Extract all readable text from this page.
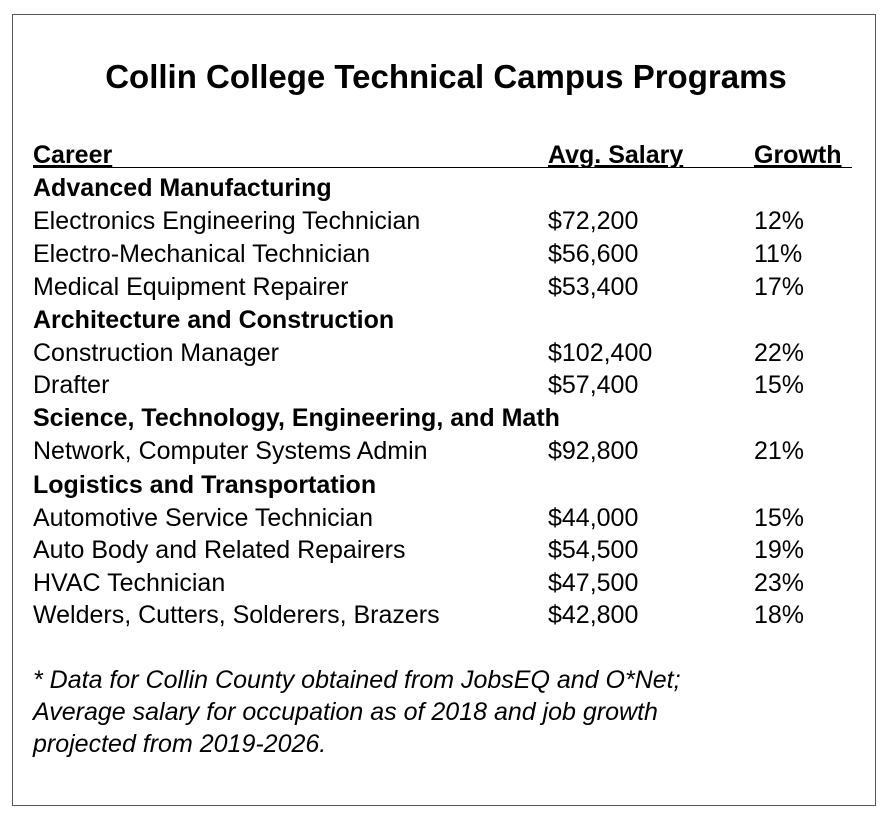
Collin College Technical Campus Programs
Career	Avg. Salary	Growth
Advanced Manufacturing
Electronics Engineering Technician	$72,200	12%
Electro-Mechanical Technician	$56,600	11%
Medical Equipment Repairer	$53,400	17%
Architecture and Construction
Construction Manager	$102,400	22%
Drafter	$57,400	15%
Science, Technology, Engineering, and Math
Network, Computer Systems Admin	$92,800	21%
Logistics and Transportation
Automotive Service Technician	$44,000	15%
Auto Body and Related Repairers	$54,500	19%
HVAC Technician	$47,500	23%
Welders, Cutters, Solderers, Brazers	$42,800	18%
* Data for Collin County obtained from JobsEQ and O*Net;
Average salary for occupation as of 2018 and job growth
projected from 2019-2026.
